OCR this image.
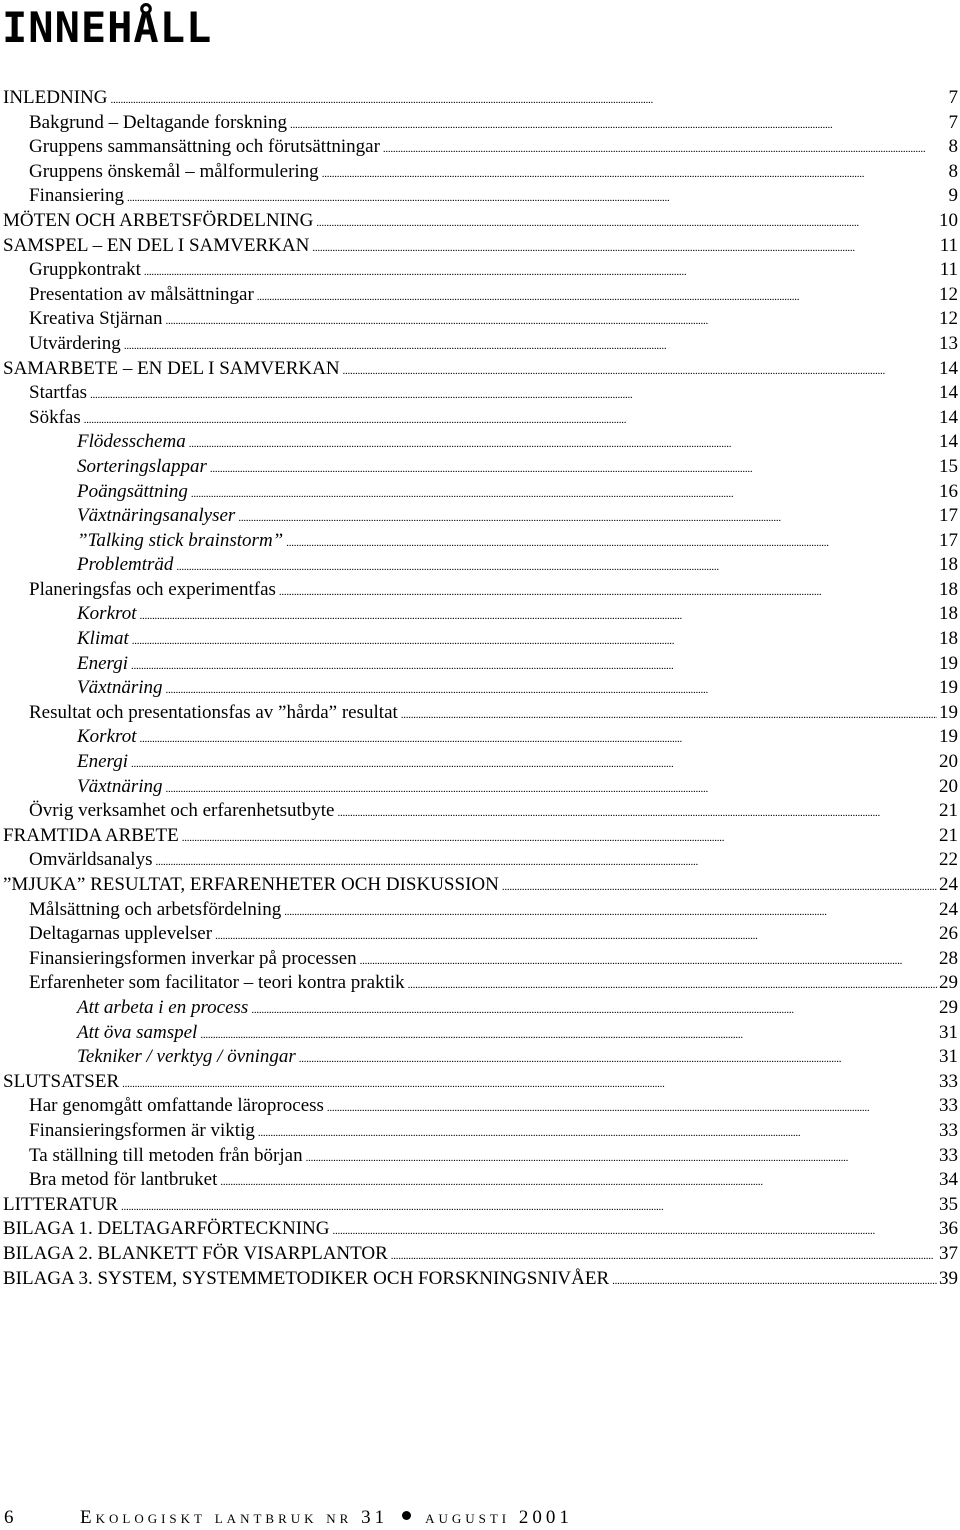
INNEHÅLL
INLEDNING . . .	7
Bakgrund – Deltagande forskning . . .	7
Gruppens sammansättning och förutsättningar . . .	8
Gruppens önskemål – målformulering . . .	8
Finansiering . . .	9
MÖTEN OCH ARBETSFÖRDELNING . . .	10
SAMSPEL – EN DEL I SAMVERKAN . . .	11
Gruppkontrakt . . .	11
Presentation av målsättningar . . .	12
Kreativa Stjärnan . . .	12
Utvärdering . . .	13
SAMARBETE – EN DEL I SAMVERKAN . . .	14
Startfas . . .	14
Sökfas . . .	14
Flödesschema . . .	14
Sorteringslappar . . .	15
Poängsättning . . .	16
Växtnäringsanalyser . . .	17
”Talking stick brainstorm” . . .	17
Problemträd . . .	18
Planeringsfas och experimentfas . . .	18
Korkrot . . .	18
Klimat . . .	18
Energi . . .	19
Växtnäring . . .	19
Resultat och presentationsfas av ”hårda” resultat . . .	19
Korkrot . . .	19
Energi . . .	20
Växtnäring . . .	20
Övrig verksamhet och erfarenhetsutbyte . . .	21
FRAMTIDA ARBETE . . .	21
Omvärldsanalys . . .	22
”MJUKA” RESULTAT, ERFARENHETER OCH DISKUSSION . . .	24
Målsättning och arbetsfördelning . . .	24
Deltagarnas upplevelser . . .	26
Finansieringsformen inverkar på processen . . .	28
Erfarenheter som facilitator – teori kontra praktik . . .	29
Att arbeta i en process . . .	29
Att öva samspel . . .	31
Tekniker / verktyg / övningar . . .	31
SLUTSATSER . . .	33
Har genomgått omfattande läroprocess . . .	33
Finansieringsformen är viktig . . .	33
Ta ställning till metoden från början . . .	33
Bra metod för lantbruket . . .	34
LITTERATUR . . .	35
BILAGA 1. DELTAGARFÖRTECKNING . . .	36
BILAGA 2. BLANKETT FÖR VISARPLANTOR . . .	37
BILAGA 3. SYSTEM, SYSTEMMETODIKER OCH FORSKNINGSNIVÅER . . .	39
6	Ekologiskt lantbruk nr 31 augusti 2001
